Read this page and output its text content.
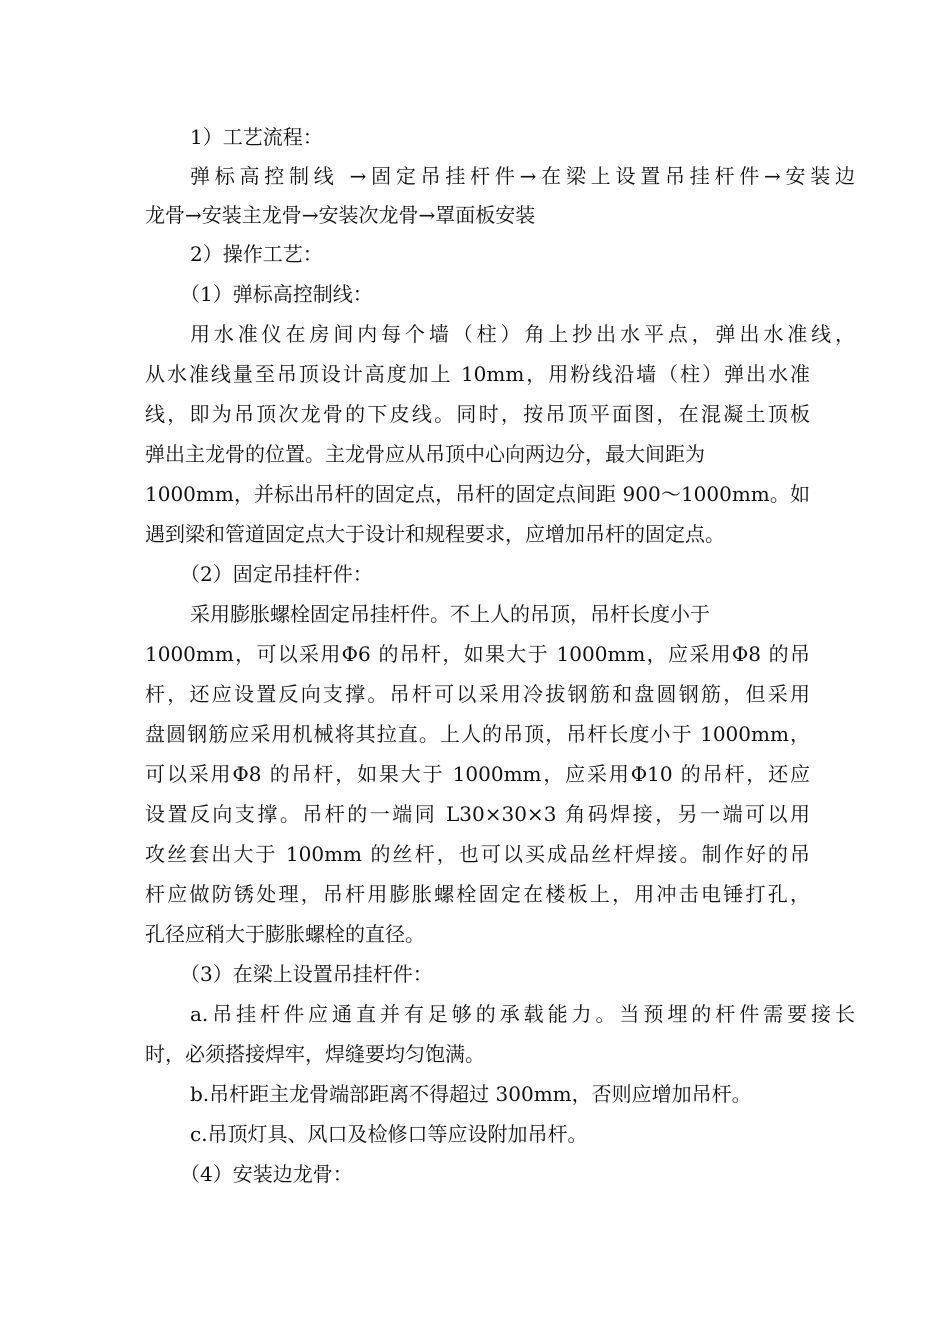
1）工艺流程：
弹标高控制线 →固定吊挂杆件→在梁上设置吊挂杆件→安装边
龙骨→安装主龙骨→安装次龙骨→罩面板安装
2）操作工艺：
（1）弹标高控制线：
用水准仪在房间内每个墙（柱）角上抄出水平点，弹出水准线，
从水准线量至吊顶设计高度加上 10mm，用粉线沿墙（柱）弹出水准
线，即为吊顶次龙骨的下皮线。同时，按吊顶平面图，在混凝土顶板
弹出主龙骨的位置。主龙骨应从吊顶中心向两边分，最大间距为
1000mm，并标出吊杆的固定点，吊杆的固定点间距 900～1000mm。如
遇到梁和管道固定点大于设计和规程要求，应增加吊杆的固定点。
（2）固定吊挂杆件：
采用膨胀螺栓固定吊挂杆件。不上人的吊顶，吊杆长度小于
1000mm，可以采用Φ6 的吊杆，如果大于 1000mm，应采用Φ8 的吊
杆，还应设置反向支撑。吊杆可以采用冷拔钢筋和盘圆钢筋，但采用
盘圆钢筋应采用机械将其拉直。上人的吊顶，吊杆长度小于 1000mm，
可以采用Φ8 的吊杆，如果大于 1000mm，应采用Φ10 的吊杆，还应
设置反向支撑。吊杆的一端同 L30×30×3 角码焊接，另一端可以用
攻丝套出大于 100mm 的丝杆，也可以买成品丝杆焊接。制作好的吊
杆应做防锈处理，吊杆用膨胀螺栓固定在楼板上，用冲击电锤打孔，
孔径应稍大于膨胀螺栓的直径。
（3）在梁上设置吊挂杆件：
a.吊挂杆件应通直并有足够的承载能力。当预埋的杆件需要接长
时，必须搭接焊牢，焊缝要均匀饱满。
b.吊杆距主龙骨端部距离不得超过 300mm，否则应增加吊杆。
c.吊顶灯具、风口及检修口等应设附加吊杆。
（4）安装边龙骨：
